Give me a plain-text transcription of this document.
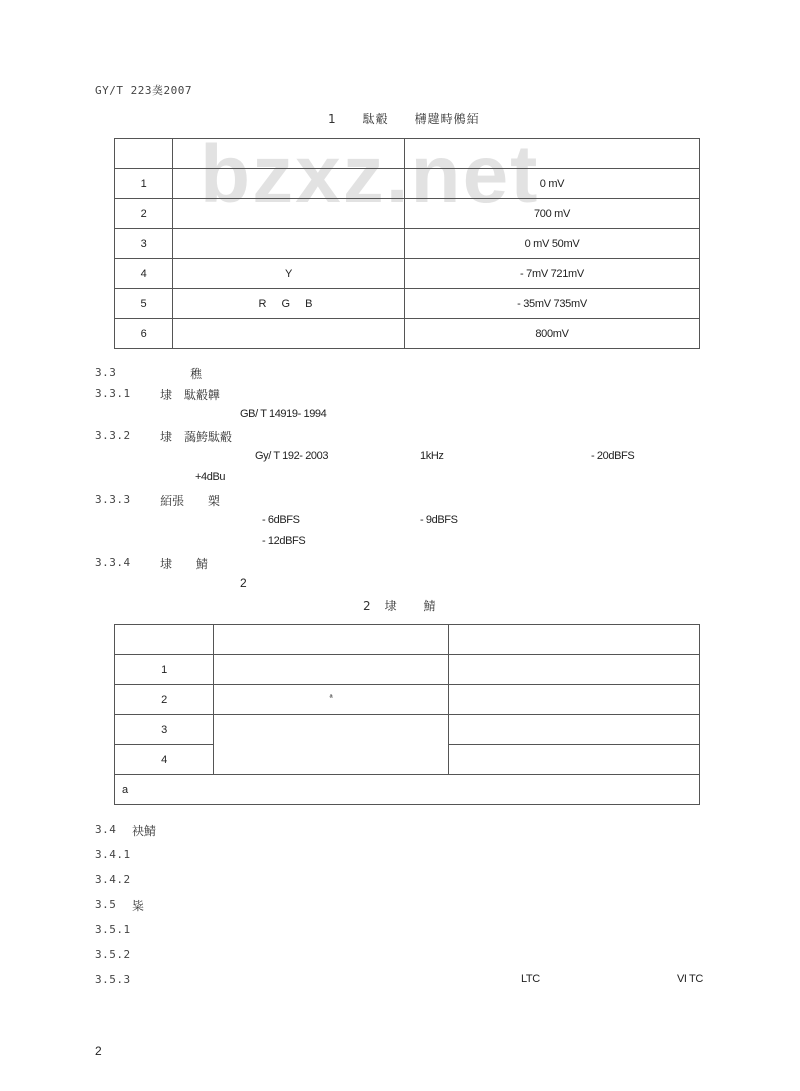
bzxz.net
GY/T 223䶮2007
1　　駄觳　　欂韙畤鵂絔

1		0 mV
2		700 mV
3		0 mV 50mV
4	Y	- 7mV 721mV
5	R G B	- 35mV 735mV
6		800mV
3.3	穛
3.3.1 埭　駄觳韡
GB/ T 14919- 1994
3.3.2 埭　藹鮬駄觳
Gy/ T 192- 2003	1kHz	- 20dBFS
+4dBu
3.3.3 絔張　　槊
- 6dBFS	- 9dBFS
- 12dBFS
3.3.4 埭　　鯖
2
2　埭　　鯖

1		
2	ª	
3		
4		
a		
3.4 袂鯖
3.4.1
3.4.2
3.5 粊
3.5.1
3.5.2
3.5.3	LTC	VI TC
2
